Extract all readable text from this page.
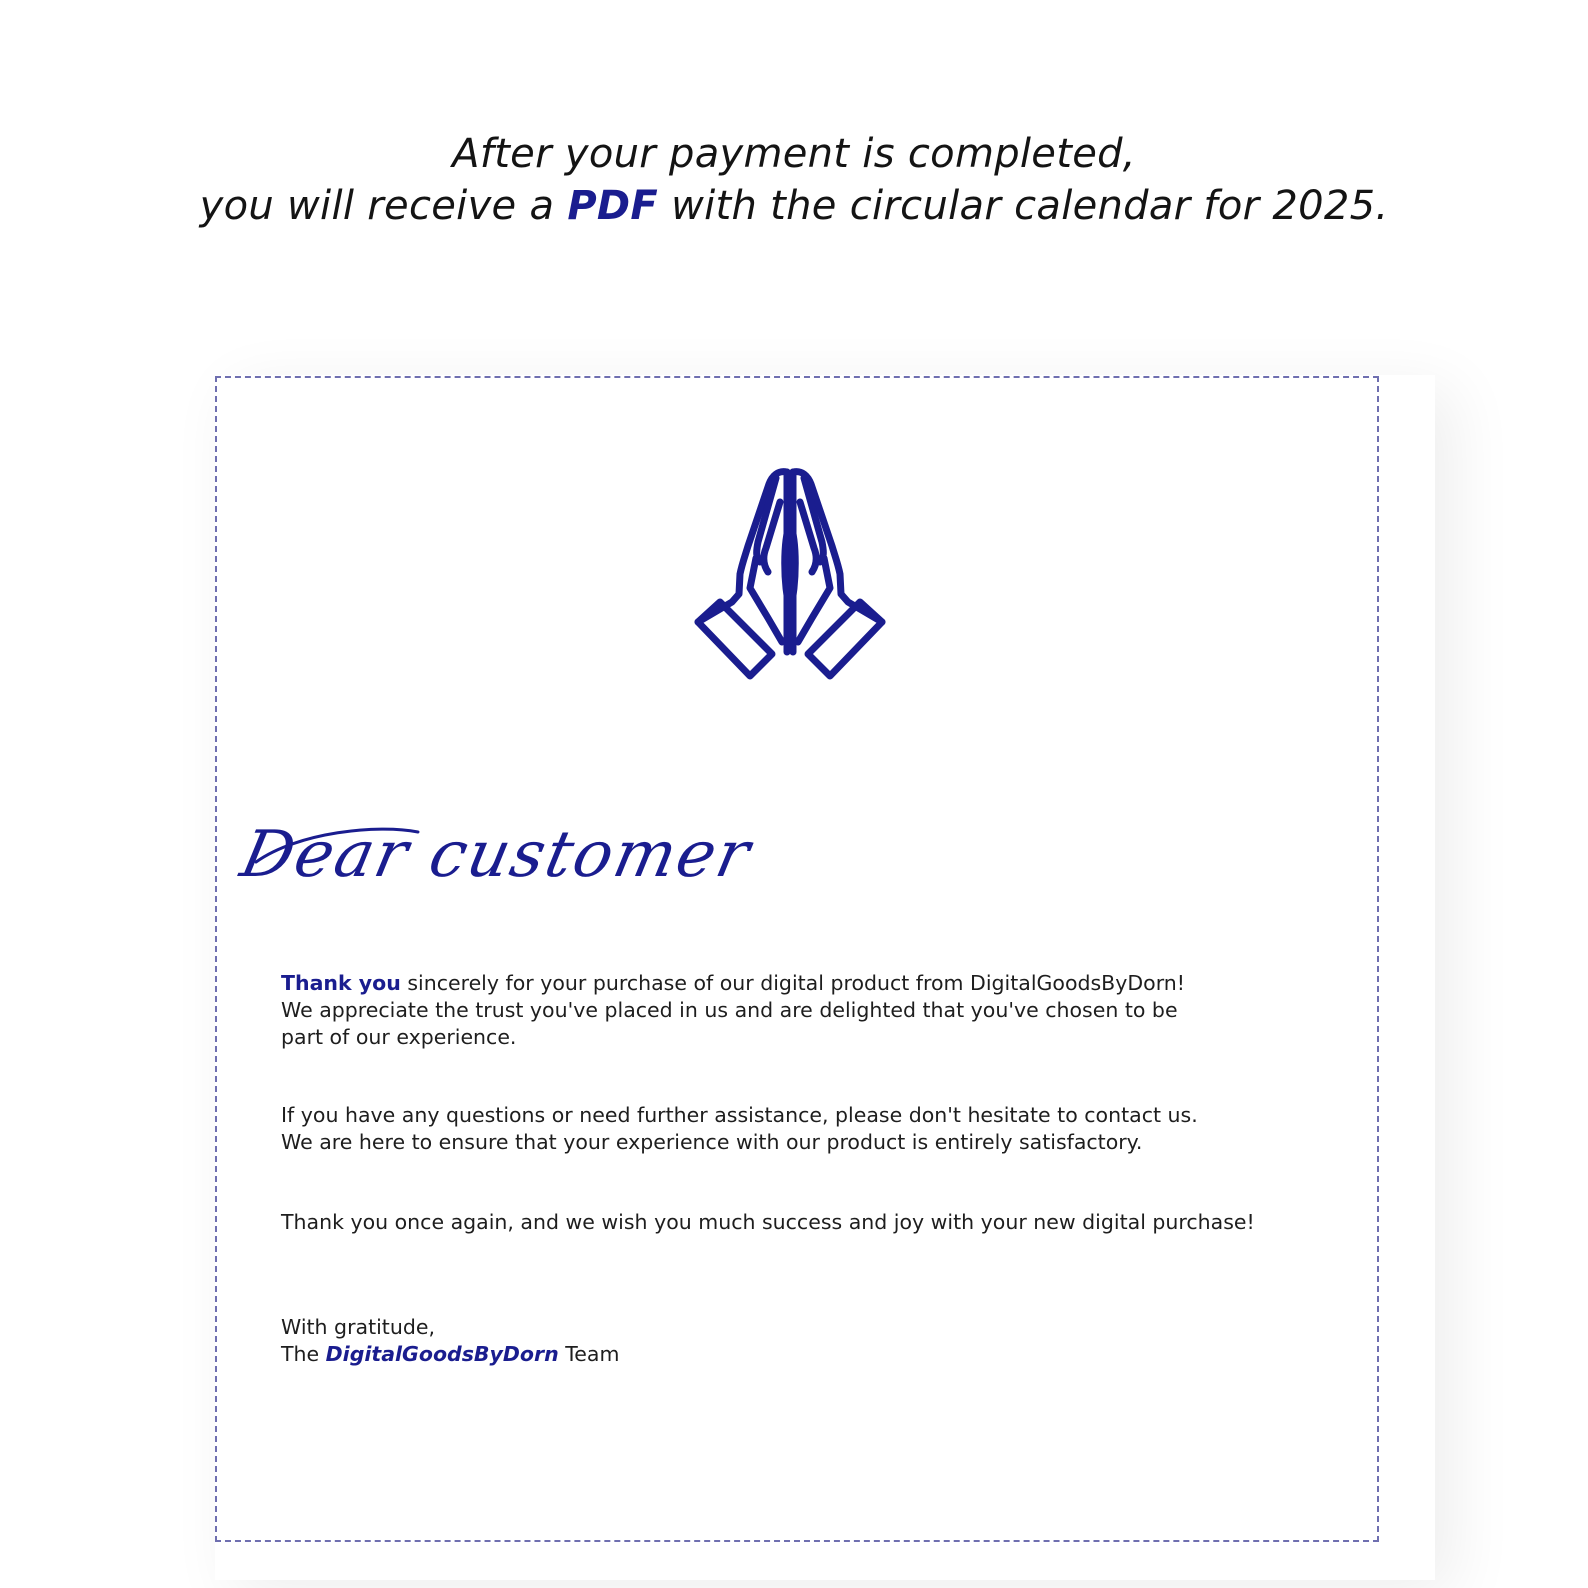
After your payment is completed,
you will receive a PDF with the circular calendar for 2025.
Dear customer

Thank you sincerely for your purchase of our digital product from DigitalGoodsByDorn!
We appreciate the trust you've placed in us and are delighted that you've chosen to be
part of our experience.

If you have any questions or need further assistance, please don't hesitate to contact us.
We are here to ensure that your experience with our product is entirely satisfactory.

Thank you once again, and we wish you much success and joy with your new digital purchase!

With gratitude,
The DigitalGoodsByDorn Team
